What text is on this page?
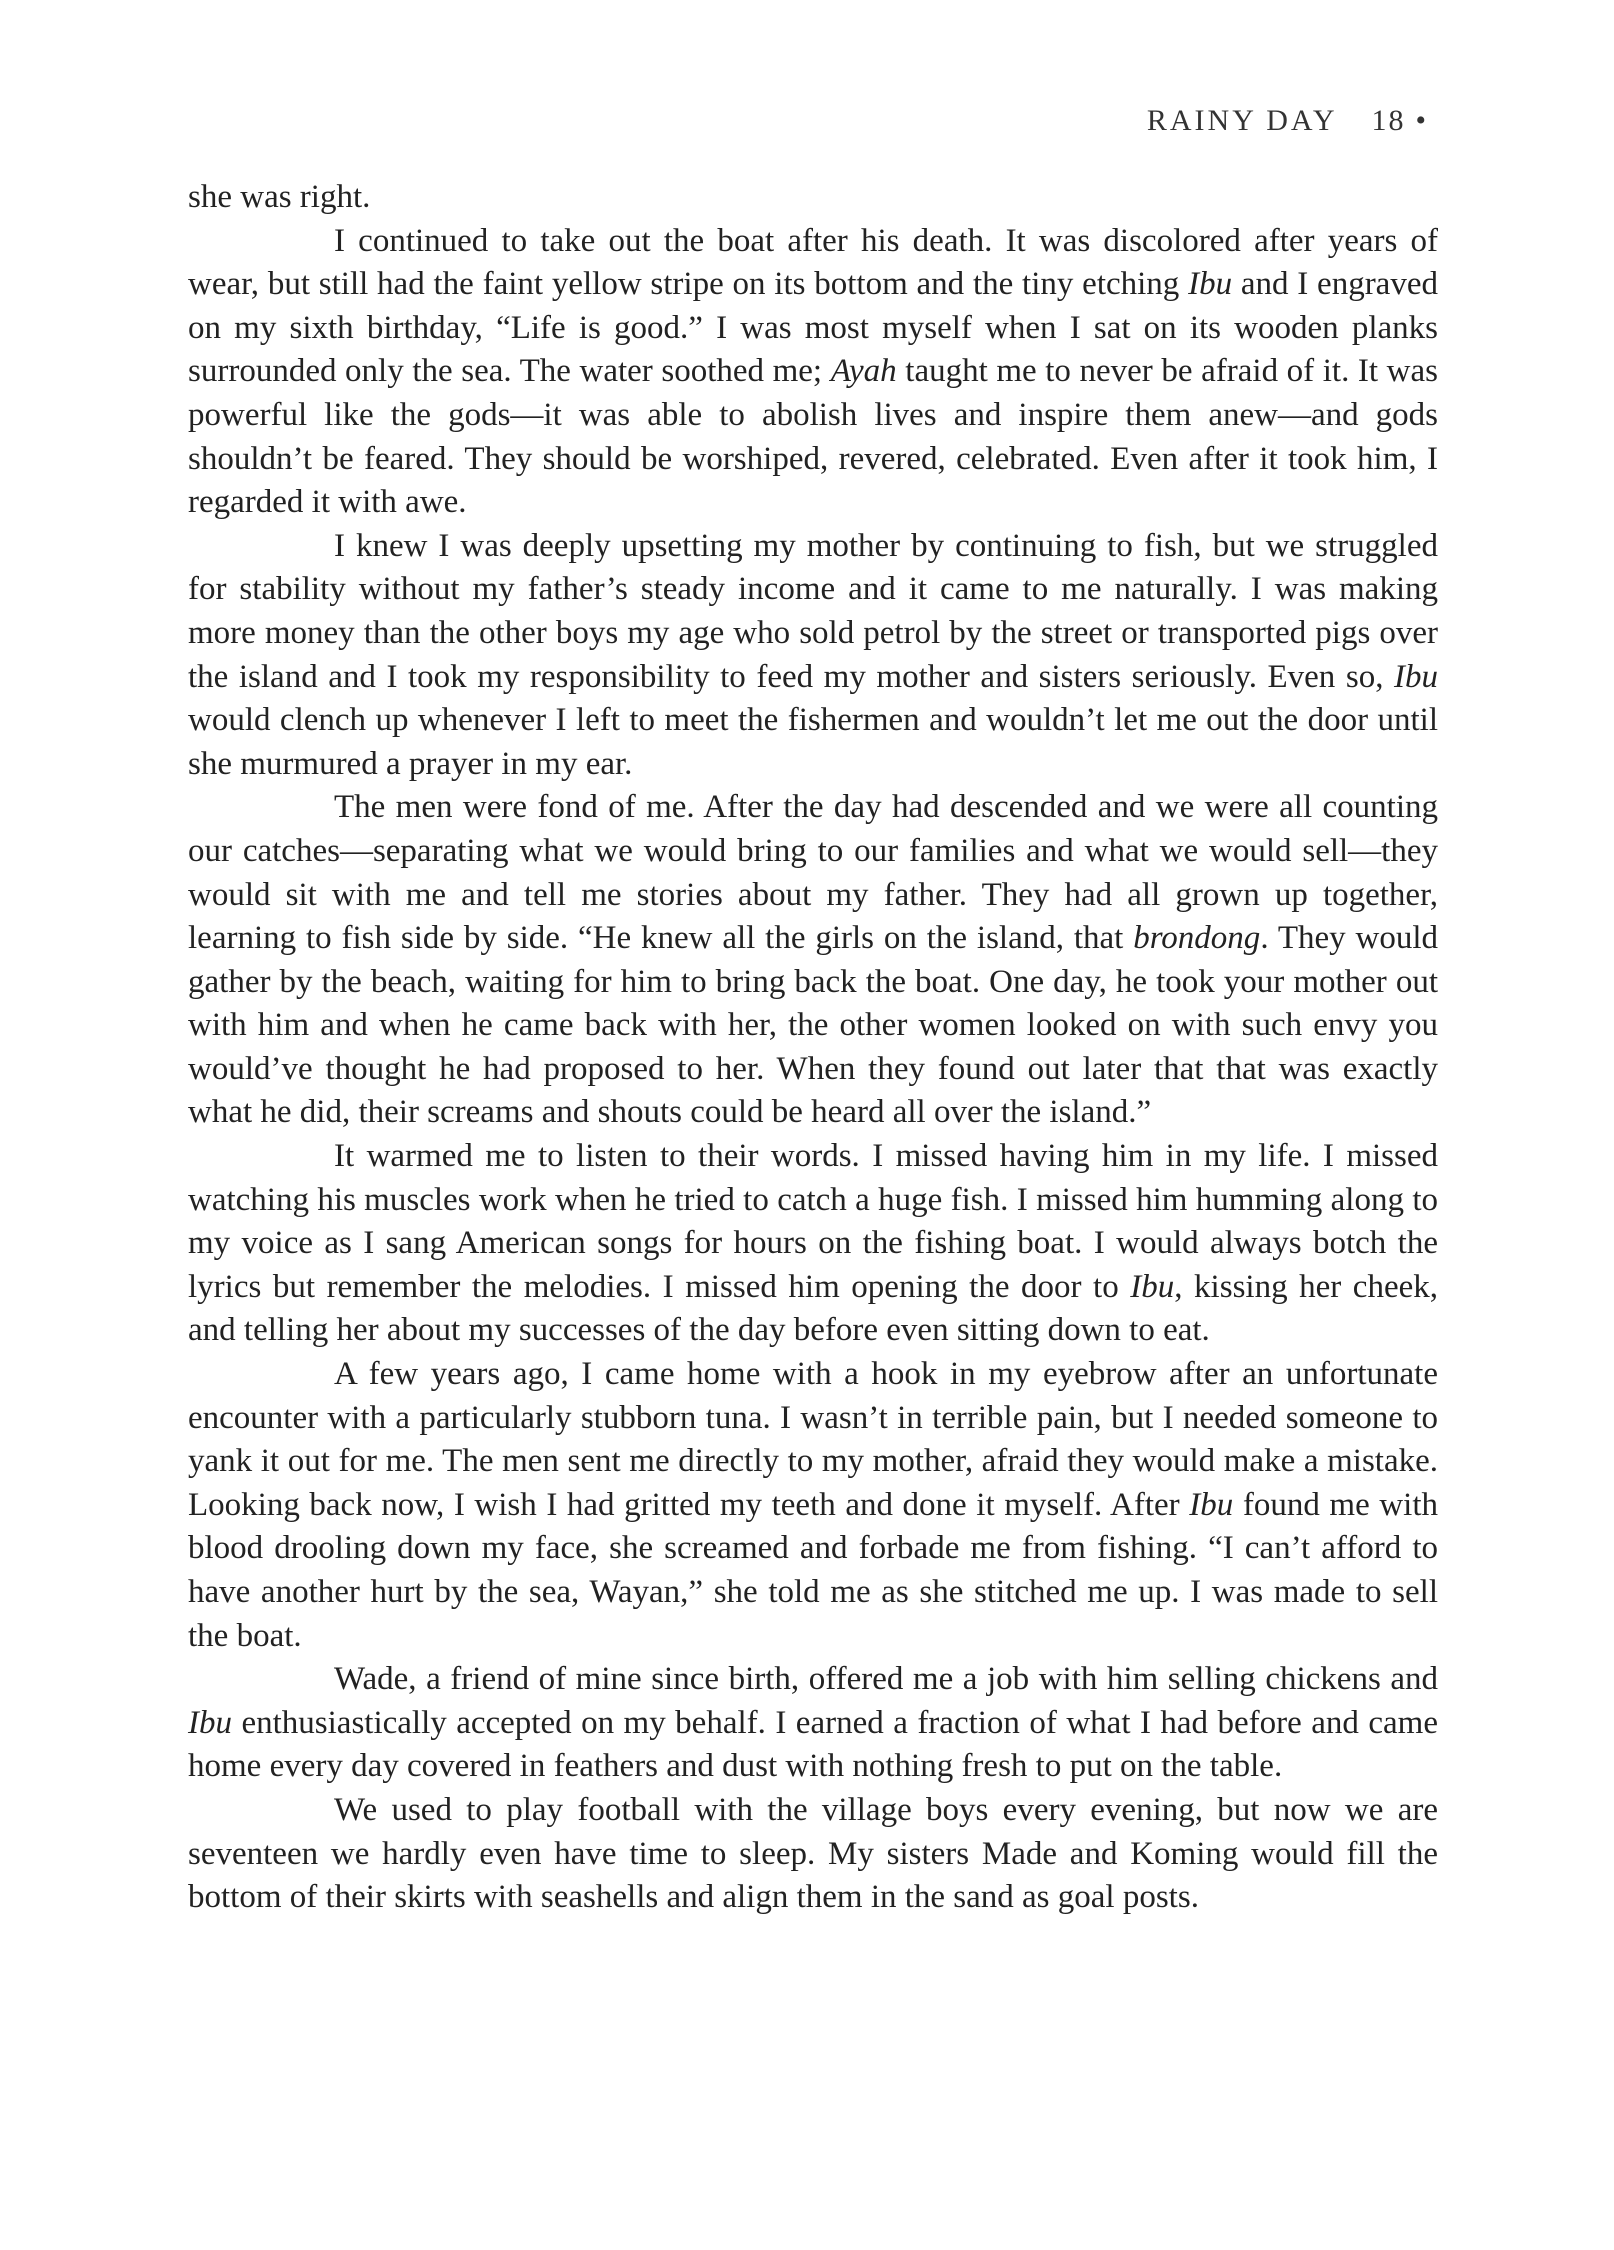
RAINY DAY 18 •

she was right.

I continued to take out the boat after his death. It was discolored after years of wear, but still had the faint yellow stripe on its bottom and the tiny etching Ibu and I engraved on my sixth birthday, “Life is good.” I was most myself when I sat on its wooden planks surrounded only the sea. The water soothed me; Ayah taught me to never be afraid of it. It was powerful like the gods—it was able to abolish lives and inspire them anew—and gods shouldn’t be feared. They should be worshiped, revered, celebrated. Even after it took him, I regarded it with awe.

I knew I was deeply upsetting my mother by continuing to fish, but we struggled for stability without my father’s steady income and it came to me naturally. I was making more money than the other boys my age who sold petrol by the street or transported pigs over the island and I took my responsibility to feed my mother and sisters seriously. Even so, Ibu would clench up whenever I left to meet the fishermen and wouldn’t let me out the door until she murmured a prayer in my ear.

The men were fond of me. After the day had descended and we were all counting our catches—separating what we would bring to our families and what we would sell—they would sit with me and tell me stories about my father. They had all grown up together, learning to fish side by side. “He knew all the girls on the island, that brondong. They would gather by the beach, waiting for him to bring back the boat. One day, he took your mother out with him and when he came back with her, the other women looked on with such envy you would’ve thought he had proposed to her. When they found out later that that was exactly what he did, their screams and shouts could be heard all over the island.”

It warmed me to listen to their words. I missed having him in my life. I missed watching his muscles work when he tried to catch a huge fish. I missed him humming along to my voice as I sang American songs for hours on the fishing boat. I would always botch the lyrics but remember the melodies. I missed him opening the door to Ibu, kissing her cheek, and telling her about my successes of the day before even sitting down to eat.

A few years ago, I came home with a hook in my eyebrow after an unfortunate encounter with a particularly stubborn tuna. I wasn’t in terrible pain, but I needed someone to yank it out for me. The men sent me directly to my mother, afraid they would make a mistake. Looking back now, I wish I had gritted my teeth and done it myself. After Ibu found me with blood drooling down my face, she screamed and forbade me from fishing. “I can’t afford to have another hurt by the sea, Wayan,” she told me as she stitched me up. I was made to sell the boat.

Wade, a friend of mine since birth, offered me a job with him selling chickens and Ibu enthusiastically accepted on my behalf. I earned a fraction of what I had before and came home every day covered in feathers and dust with nothing fresh to put on the table.

We used to play football with the village boys every evening, but now we are seventeen we hardly even have time to sleep. My sisters Made and Koming would fill the bottom of their skirts with seashells and align them in the sand as goal posts.
